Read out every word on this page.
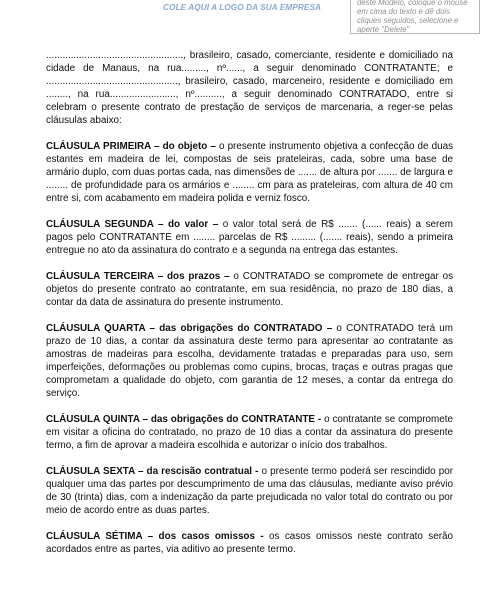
COLE AQUI A LOGO DA SUA EMPRESA
deste Modelo, coloque o mouse em cima do texto e dê dois cliques seguidos, selecione e aperte "Delete"

.................................................., brasileiro, casado, comerciante, residente e domiciliado na cidade de Manaus, na rua........., nº......, a seguir denominado CONTRATANTE; e ................................................, brasileiro, casado, marceneiro, residente e domiciliado em ........, na rua........................, nº.........., a seguir denominado CONTRATADO, entre si celebram o presente contrato de prestação de serviços de marcenaria, a reger-se pelas cláusulas abaixo:

CLÁUSULA PRIMEIRA – do objeto – o presente instrumento objetiva a confecção de duas estantes em madeira de lei, compostas de seis prateleiras, cada, sobre uma base de armário duplo, com duas portas cada, nas dimensões de ....... de altura por ....... de largura e ........ de profundidade para os armários e ........ cm para as prateleiras, com altura de 40 cm entre si, com acabamento em madeira polida e verniz fosco.

CLÁUSULA SEGUNDA – do valor – o valor total será de R$ ....... (...... reais) a serem pagos pelo CONTRATANTE em ........ parcelas de R$ ......... (....... reais), sendo a primeira entregue no ato da assinatura do contrato e a segunda na entrega das estantes.

CLÁUSULA TERCEIRA – dos prazos – o CONTRATADO se compromete de entregar os objetos do presente contrato ao contratante, em sua residência, no prazo de 180 dias, a contar da data de assinatura do presente instrumento.

CLÁUSULA QUARTA – das obrigações do CONTRATADO – o CONTRATADO terá um prazo de 10 dias, a contar da assinatura deste termo para apresentar ao contratante as amostras de madeiras para escolha, devidamente tratadas e preparadas para uso, sem imperfeições, deformações ou problemas como cupins, brocas, traças e outras pragas que comprometam a qualidade do objeto, com garantia de 12 meses, a contar da entrega do serviço.

CLÁUSULA QUINTA – das obrigações do CONTRATANTE - o contratante se compromete em visitar a oficina do contratado, no prazo de 10 dias a contar da assinatura do presente termo, a fim de aprovar a madeira escolhida e autorizar o início dos trabalhos.

CLÁUSULA SEXTA – da rescisão contratual - o presente termo poderá ser rescindido por qualquer uma das partes por descumprimento de uma das cláusulas, mediante aviso prévio de 30 (trinta) dias, com a indenização da parte prejudicada no valor total do contrato ou por meio de acordo entre as duas partes.

CLÁUSULA SÉTIMA – dos casos omissos - os casos omissos neste contrato serão acordados entre as partes, via aditivo ao presente termo.
